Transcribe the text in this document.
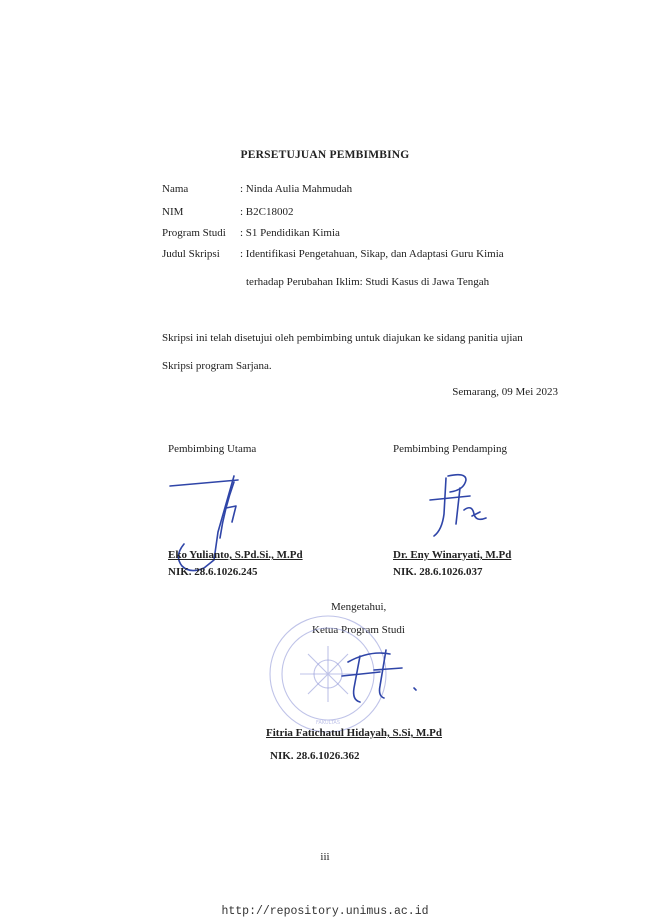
PERSETUJUAN PEMBIMBING
Nama	: Ninda Aulia Mahmudah
NIM	: B2C18002
Program Studi : S1 Pendidikan Kimia
Judul Skripsi : Identifikasi Pengetahuan, Sikap, dan Adaptasi Guru Kimia
terhadap Perubahan Iklim: Studi Kasus di Jawa Tengah
Skripsi ini telah disetujui oleh pembimbing untuk diajukan ke sidang panitia ujian
Skripsi program Sarjana.
Semarang, 09 Mei 2023
Pembimbing Utama
Eko Yulianto, S.Pd.Si., M.Pd
NIK. 28.6.1026.245
Pembimbing Pendamping
Dr. Eny Winaryati, M.Pd
NIK. 28.6.1026.037
Mengetahui,
Ketua Program Studi
FAKULTAS
Fitria Fatichatul Hidayah, S.Si, M.Pd
NIK. 28.6.1026.362
iii
http://repository.unimus.ac.id
